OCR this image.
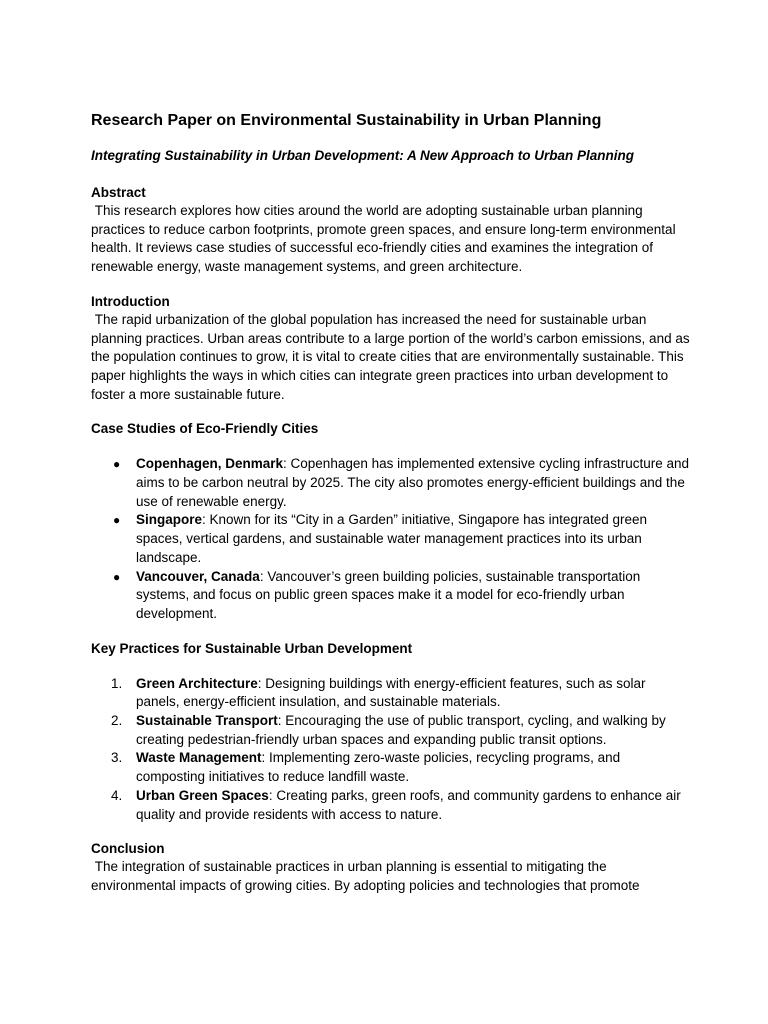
Research Paper on Environmental Sustainability in Urban Planning
Integrating Sustainability in Urban Development: A New Approach to Urban Planning
Abstract

This research explores how cities around the world are adopting sustainable urban planning practices to reduce carbon footprints, promote green spaces, and ensure long-term environmental health. It reviews case studies of successful eco-friendly cities and examines the integration of renewable energy, waste management systems, and green architecture.

Introduction

The rapid urbanization of the global population has increased the need for sustainable urban planning practices. Urban areas contribute to a large portion of the world’s carbon emissions, and as the population continues to grow, it is vital to create cities that are environmentally sustainable. This paper highlights the ways in which cities can integrate green practices into urban development to foster a more sustainable future.

Case Studies of Eco-Friendly Cities
●	Copenhagen, Denmark: Copenhagen has implemented extensive cycling infrastructure and aims to be carbon neutral by 2025. The city also promotes energy-efficient buildings and the use of renewable energy.
●	Singapore: Known for its “City in a Garden” initiative, Singapore has integrated green spaces, vertical gardens, and sustainable water management practices into its urban landscape.
●	Vancouver, Canada: Vancouver’s green building policies, sustainable transportation systems, and focus on public green spaces make it a model for eco-friendly urban development.
Key Practices for Sustainable Urban Development
1.	Green Architecture: Designing buildings with energy-efficient features, such as solar panels, energy-efficient insulation, and sustainable materials.
2.	Sustainable Transport: Encouraging the use of public transport, cycling, and walking by creating pedestrian-friendly urban spaces and expanding public transit options.
3.	Waste Management: Implementing zero-waste policies, recycling programs, and composting initiatives to reduce landfill waste.
4.	Urban Green Spaces: Creating parks, green roofs, and community gardens to enhance air quality and provide residents with access to nature.
Conclusion

The integration of sustainable practices in urban planning is essential to mitigating the environmental impacts of growing cities. By adopting policies and technologies that promote
